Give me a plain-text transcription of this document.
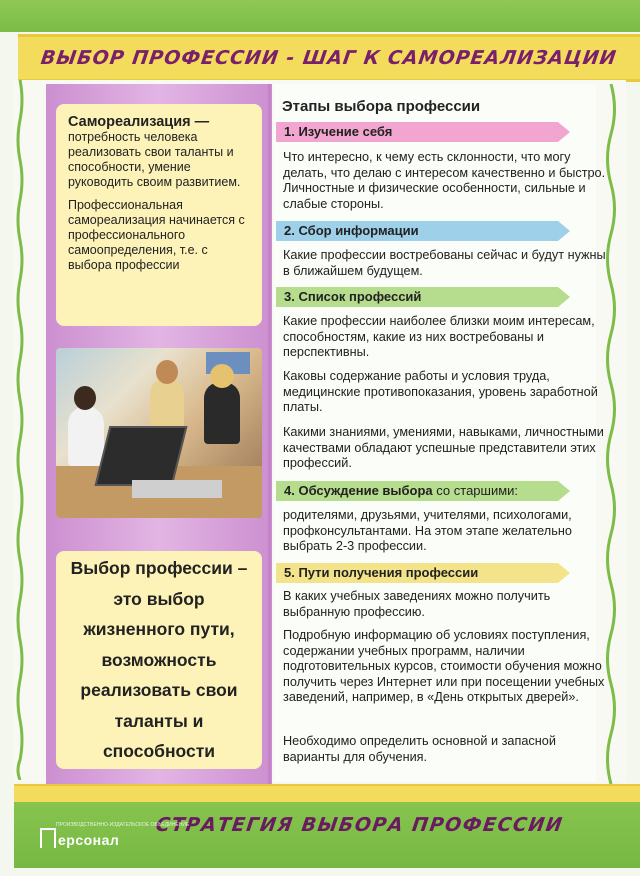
ВЫБОР ПРОФЕССИИ - ШАГ К САМОРЕАЛИЗАЦИИ
Самореализация —

потребность человека реализовать свои таланты и способности, умение руководить своим развитием.

Профессиональная самореализация начинается с профессионального самоопределения, т.е. с выбора профессии

Выбор профессии – это выбор жизненного пути, возможность реализовать свои таланты и способности
Этапы выбора профессии
1. Изучение себя

Что интересно, к чему есть склонности, что могу делать, что делаю с интересом качественно и быстро. Личностные и физические особенности, сильные и слабые стороны.

2. Сбор информации

Какие профессии востребованы сейчас и будут нужны в ближайшем будущем.

3. Список профессий

Какие профессии наиболее близки моим интересам, способностям, какие из них востребованы и перспективны.

Каковы содержание работы и условия труда, медицинские противопоказания, уровень заработной платы.

Какими знаниями, умениями, навыками, личностными качествами обладают успешные представители этих профессий.

4. Обсуждение выбора со старшими:

родителями, друзьями, учителями, психологами, профконсультантами. На этом этапе желательно выбрать 2-3 профессии.

5. Пути получения профессии

В каких учебных заведениях можно получить выбранную профессию.

Подробную информацию об условиях поступления, содержании учебных программ, наличии подготовительных курсов, стоимости обучения можно получить через Интернет или при посещении учебных заведений, например, в «День открытых дверей».

Необходимо определить основной и запасной варианты для обучения.

СТРАТЕГИЯ ВЫБОРА ПРОФЕССИИ
ПРОИЗВОДСТВЕННО-ИЗДАТЕЛЬСКОЕ ОБЪЕДИНЕНИЕ
ерсонал
